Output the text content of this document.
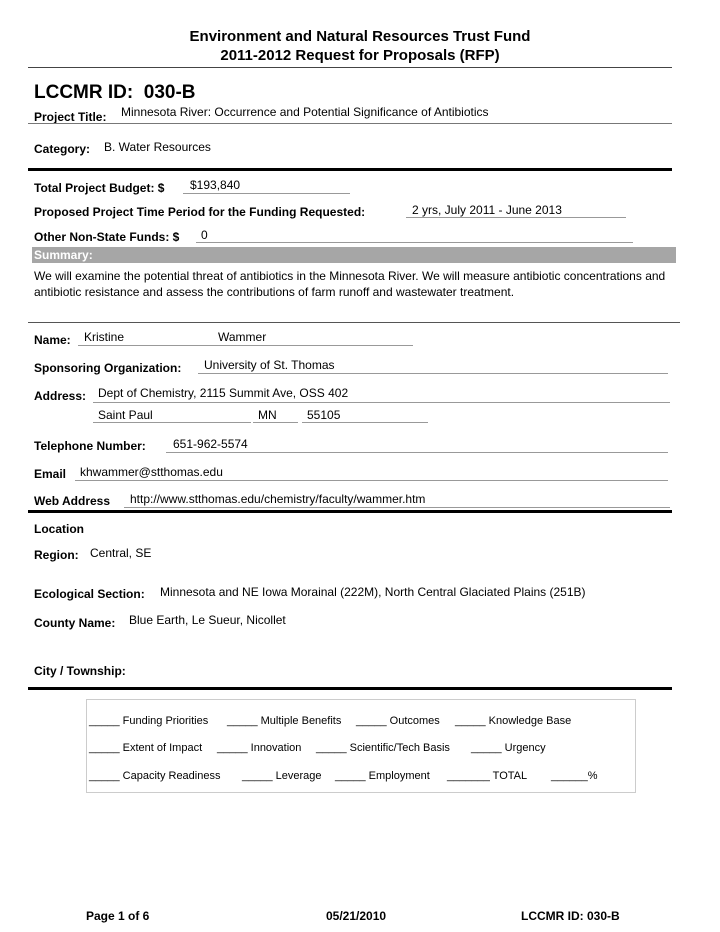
Environment and Natural Resources Trust Fund
2011-2012 Request for Proposals (RFP)
LCCMR ID: 030-B
Project Title: Minnesota River: Occurrence and Potential Significance of Antibiotics
Category: B. Water Resources
Total Project Budget: $ $193,840
Proposed Project Time Period for the Funding Requested:	2 yrs, July 2011 - June 2013
Other Non-State Funds: $ 0
Summary:
We will examine the potential threat of antibiotics in the Minnesota River. We will measure antibiotic concentrations and antibiotic resistance and assess the contributions of farm runoff and wastewater treatment.
Name: Kristine	Wammer
Sponsoring Organization: University of St. Thomas
Address: Dept of Chemistry, 2115 Summit Ave, OSS 402
Saint Paul	MN	55105
Telephone Number: 651-962-5574
Email khwammer@stthomas.edu
Web Address http://www.stthomas.edu/chemistry/faculty/wammer.htm
Location
Region: Central, SE
Ecological Section: Minnesota and NE Iowa Morainal (222M), North Central Glaciated Plains (251B)
County Name: Blue Earth, Le Sueur, Nicollet
City / Township:
_____ Funding Priorities _____ Multiple Benefits _____ Outcomes _____ Knowledge Base
_____ Extent of Impact _____ Innovation _____ Scientific/Tech Basis _____ Urgency
_____ Capacity Readiness _____ Leverage _____ Employment _______ TOTAL ______%
Page 1 of 6	05/21/2010	LCCMR ID: 030-B
